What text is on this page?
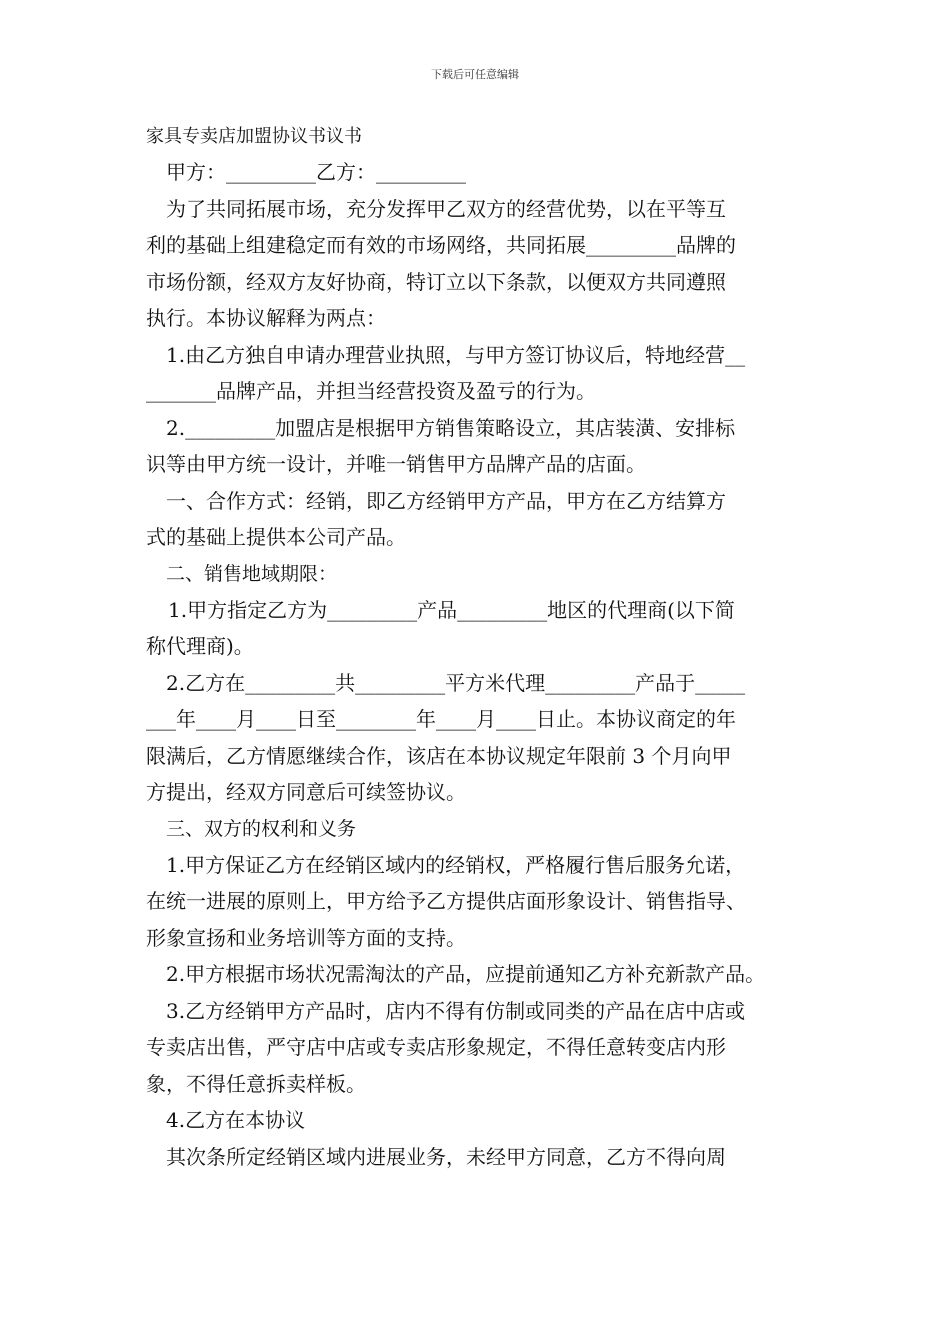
下载后可任意编辑
家具专卖店加盟协议书议书
甲方：_________乙方：_________
为了共同拓展市场，充分发挥甲乙双方的经营优势，以在平等互
利的基础上组建稳定而有效的市场网络，共同拓展_________品牌的
市场份额，经双方友好协商，特订立以下条款，以便双方共同遵照
执行。本协议解释为两点：
1.由乙方独自申请办理营业执照，与甲方签订协议后，特地经营__
_______品牌产品，并担当经营投资及盈亏的行为。
2._________加盟店是根据甲方销售策略设立，其店装潢、安排标
识等由甲方统一设计，并唯一销售甲方品牌产品的店面。
一、合作方式：经销，即乙方经销甲方产品，甲方在乙方结算方
式的基础上提供本公司产品。
二、销售地域期限：
1.甲方指定乙方为_________产品_________地区的代理商(以下简
称代理商)。
2.乙方在_________共_________平方米代理_________产品于_____
___年____月____日至________年____月____日止。本协议商定的年
限满后，乙方情愿继续合作，该店在本协议规定年限前 3 个月向甲
方提出，经双方同意后可续签协议。
三、双方的权利和义务
1.甲方保证乙方在经销区域内的经销权，严格履行售后服务允诺，
在统一进展的原则上，甲方给予乙方提供店面形象设计、销售指导、
形象宣扬和业务培训等方面的支持。
2.甲方根据市场状况需淘汰的产品，应提前通知乙方补充新款产品。
3.乙方经销甲方产品时，店内不得有仿制或同类的产品在店中店或
专卖店出售，严守店中店或专卖店形象规定，不得任意转变店内形
象，不得任意拆卖样板。
4.乙方在本协议
其次条所定经销区域内进展业务，未经甲方同意，乙方不得向周
